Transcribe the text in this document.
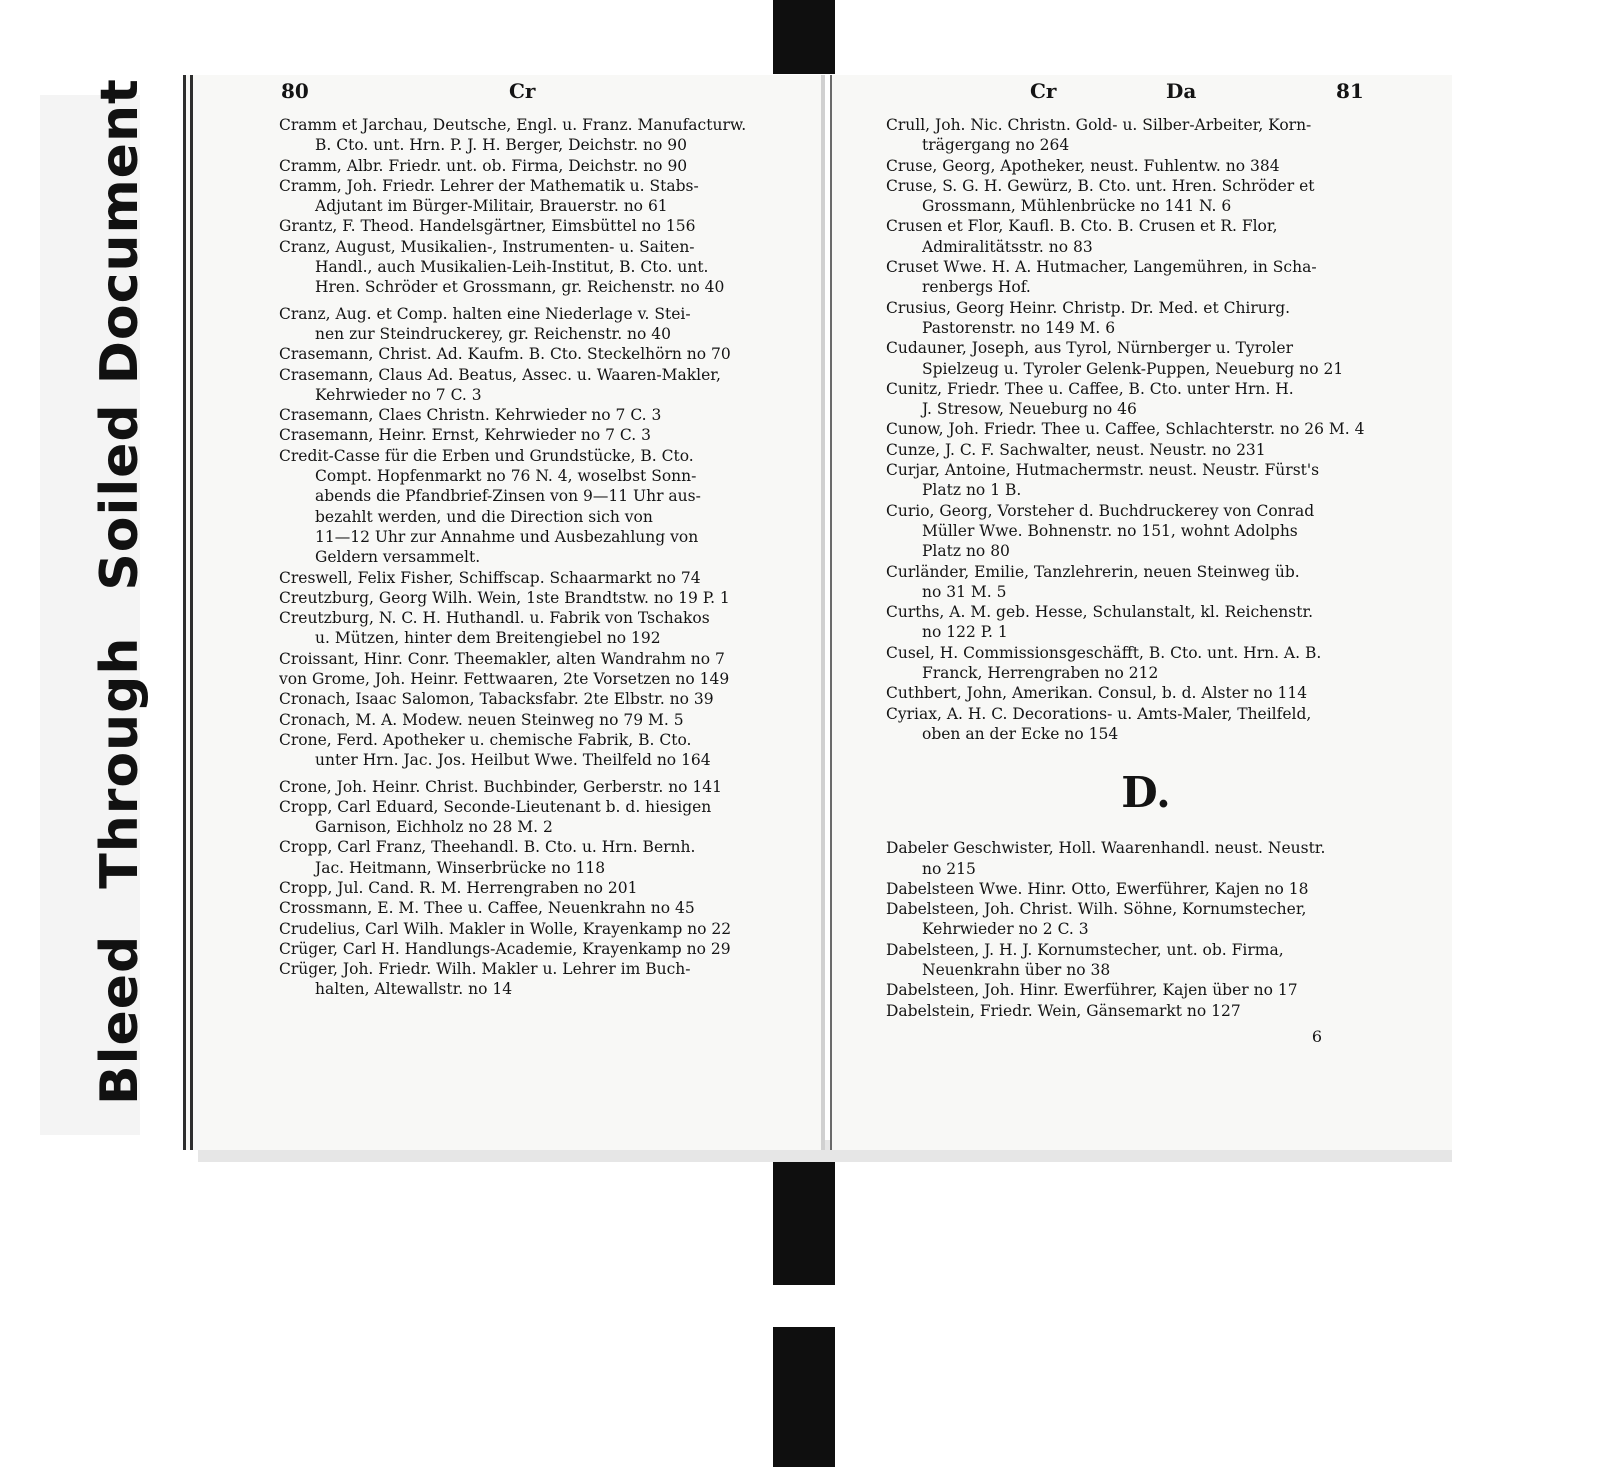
Bleed
Through
Soiled Document	80	Cr
Cramm et Jarchau, Deutsche, Engl. u. Franz. Manufacturw.
B. Cto. unt. Hrn. P. J. H. Berger, Deichstr. no 90
Cramm, Albr. Friedr. unt. ob. Firma, Deichstr. no 90
Cramm, Joh. Friedr. Lehrer der Mathematik u. Stabs-
Adjutant im Bürger-Militair, Brauerstr. no 61
Grantz, F. Theod. Handelsgärtner, Eimsbüttel no 156
Cranz, August, Musikalien-, Instrumenten- u. Saiten-
Handl., auch Musikalien-Leih-Institut, B. Cto. unt.
Hren. Schröder et Grossmann, gr. Reichenstr. no 40
Cranz, Aug. et Comp. halten eine Niederlage v. Stei-
nen zur Steindruckerey, gr. Reichenstr. no 40
Crasemann, Christ. Ad. Kaufm. B. Cto. Steckelhörn no 70
Crasemann, Claus Ad. Beatus, Assec. u. Waaren-Makler,
Kehrwieder no 7 C. 3
Crasemann, Claes Christn. Kehrwieder no 7 C. 3
Crasemann, Heinr. Ernst, Kehrwieder no 7 C. 3
Credit-Casse für die Erben und Grundstücke, B. Cto.
Compt. Hopfenmarkt no 76 N. 4, woselbst Sonn-
abends die Pfandbrief-Zinsen von 9—11 Uhr aus-
bezahlt werden, und die Direction sich von
11—12 Uhr zur Annahme und Ausbezahlung von
Geldern versammelt.
Creswell, Felix Fisher, Schiffscap. Schaarmarkt no 74
Creutzburg, Georg Wilh. Wein, 1ste Brandtstw. no 19 P. 1
Creutzburg, N. C. H. Huthandl. u. Fabrik von Tschakos
u. Mützen, hinter dem Breitengiebel no 192
Croissant, Hinr. Conr. Theemakler, alten Wandrahm no 7
von Grome, Joh. Heinr. Fettwaaren, 2te Vorsetzen no 149
Cronach, Isaac Salomon, Tabacksfabr. 2te Elbstr. no 39
Cronach, M. A. Modew. neuen Steinweg no 79 M. 5
Crone, Ferd. Apotheker u. chemische Fabrik, B. Cto.
unter Hrn. Jac. Jos. Heilbut Wwe. Theilfeld no 164
Crone, Joh. Heinr. Christ. Buchbinder, Gerberstr. no 141
Cropp, Carl Eduard, Seconde-Lieutenant b. d. hiesigen
Garnison, Eichholz no 28 M. 2
Cropp, Carl Franz, Theehandl. B. Cto. u. Hrn. Bernh.
Jac. Heitmann, Winserbrücke no 118
Cropp, Jul. Cand. R. M. Herrengraben no 201
Crossmann, E. M. Thee u. Caffee, Neuenkrahn no 45
Crudelius, Carl Wilh. Makler in Wolle, Krayenkamp no 22
Crüger, Carl H. Handlungs-Academie, Krayenkamp no 29
Crüger, Joh. Friedr. Wilh. Makler u. Lehrer im Buch-
halten, Altewallstr. no 14
Cr	Da	81
Crull, Joh. Nic. Christn. Gold- u. Silber-Arbeiter, Korn-
trägergang no 264
Cruse, Georg, Apotheker, neust. Fuhlentw. no 384
Cruse, S. G. H. Gewürz, B. Cto. unt. Hren. Schröder et
Grossmann, Mühlenbrücke no 141 N. 6
Crusen et Flor, Kaufl. B. Cto. B. Crusen et R. Flor,
Admiralitätsstr. no 83
Cruset Wwe. H. A. Hutmacher, Langemühren, in Scha-
renbergs Hof.
Crusius, Georg Heinr. Christp. Dr. Med. et Chirurg.
Pastorenstr. no 149 M. 6
Cudauner, Joseph, aus Tyrol, Nürnberger u. Tyroler
Spielzeug u. Tyroler Gelenk-Puppen, Neueburg no 21
Cunitz, Friedr. Thee u. Caffee, B. Cto. unter Hrn. H.
J. Stresow, Neueburg no 46
Cunow, Joh. Friedr. Thee u. Caffee, Schlachterstr. no 26 M. 4
Cunze, J. C. F. Sachwalter, neust. Neustr. no 231
Curjar, Antoine, Hutmachermstr. neust. Neustr. Fürst's
Platz no 1 B.
Curio, Georg, Vorsteher d. Buchdruckerey von Conrad
Müller Wwe. Bohnenstr. no 151, wohnt Adolphs
Platz no 80
Curländer, Emilie, Tanzlehrerin, neuen Steinweg üb.
no 31 M. 5
Curths, A. M. geb. Hesse, Schulanstalt, kl. Reichenstr.
no 122 P. 1
Cusel, H. Commissionsgeschäfft, B. Cto. unt. Hrn. A. B.
Franck, Herrengraben no 212
Cuthbert, John, Amerikan. Consul, b. d. Alster no 114
Cyriax, A. H. C. Decorations- u. Amts-Maler, Theilfeld,
oben an der Ecke no 154
D.
Dabeler Geschwister, Holl. Waarenhandl. neust. Neustr.
no 215
Dabelsteen Wwe. Hinr. Otto, Ewerführer, Kajen no 18
Dabelsteen, Joh. Christ. Wilh. Söhne, Kornumstecher,
Kehrwieder no 2 C. 3
Dabelsteen, J. H. J. Kornumstecher, unt. ob. Firma,
Neuenkrahn über no 38
Dabelsteen, Joh. Hinr. Ewerführer, Kajen über no 17
Dabelstein, Friedr. Wein, Gänsemarkt no 127
6
